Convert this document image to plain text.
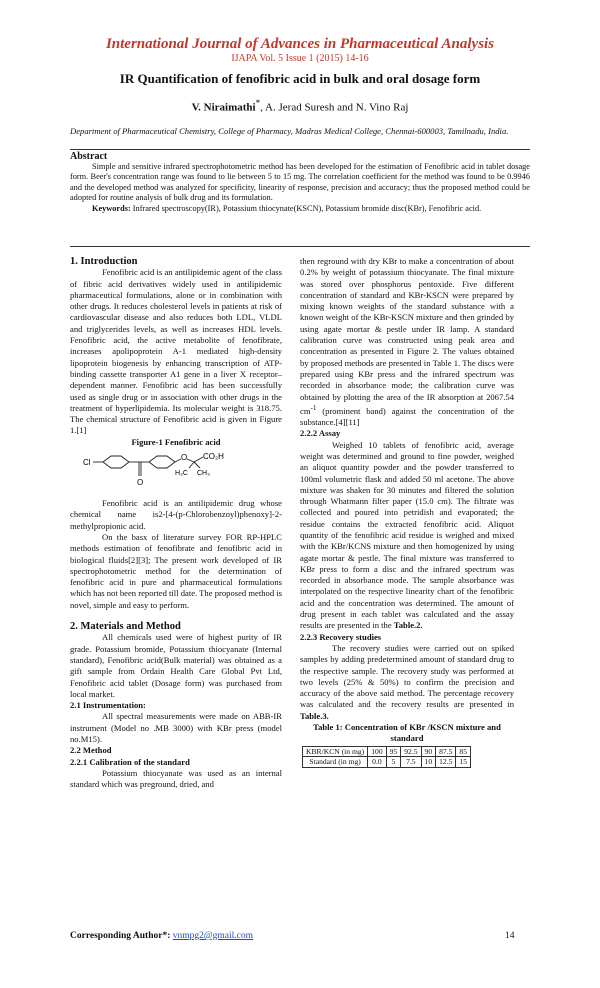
International Journal of Advances in Pharmaceutical Analysis
IJAPA Vol. 5 Issue 1 (2015) 14-16
IR Quantification of fenofibric acid in bulk and oral dosage form
V. Niraimathi*, A. Jerad Suresh and N. Vino Raj
Department of Pharmaceutical Chemistry, College of Pharmacy, Madras Medical College, Chennai-600003, Tamilnadu, India.
Abstract

Simple and sensitive infrared spectrophotometric method has been developed for the estimation of Fenofibric acid in tablet dosage form. Beer's concentration range was found to lie between 5 to 15 mg. The correlation coefficient for the method was found to be 0.9946 and the developed method was analyzed for specificity, linearity of response, precision and accuracy; thus the proposed method could be adopted for routine analysis of bulk drug and its formulation.

Keywords: Infrared spectroscopy(IR), Potassium thiocynate(KSCN), Potassium bromide disc(KBr), Fenofibric acid.

1. Introduction

Fenofibric acid is an antilipidemic agent of the class of fibric acid derivatives widely used in antilipidemic pharmaceutical formulations, alone or in combination with other drugs. It reduces cholesterol levels in patients at risk of cardiovascular disease and also reduces both LDL, VLDL and triglycerides levels, as well as increases HDL levels. Fenofibric acid, the active metabolite of fenofibrate, increases apolipoprotein A-1 mediated high-density lipoprotein biogenesis by enhancing transcription of ATP-binding cassette transporter A1 gene in a liver X receptor–dependent manner. Fenofibric acid has been successfully used as single drug or in association with other drugs in the treatment of hyperlipidemia. Its molecular weight is 318.75. The chemical structure of Fenofibric acid is given in Figure 1.[1]

Figure-1 Fenofibric acid

Cl
O CO₂H
H₃C CH₃
O

Fenofibric acid is an antilipidemic drug whose chemical name is2-[4-(p-Chlorobenzoyl)phenoxy]-2-methylpropionic acid.

On the basx of literature survey FOR RP-HPLC methods estimation of fenofibrate and fenofibric acid in biological fluids[2][3]; The present work developed of IR spectrophotometric method for the determination of fenofibric acid in pure and pharmaceutical formulations which has not been reported till date. The proposed method is novel, simple and easy to perform.

2. Materials and Method

All chemicals used were of highest purity of IR grade. Potassium bromide, Potassium thiocyanate (Internal standard), Fenofibric acid(Bulk material) was obtained as a gift sample from Ordain Health Care Global Pvt Ltd, Fenofibric acid tablet (Dosage form) was purchased from local market.

2.1 Instrumentation:

All spectral measurements were made on ABB-IR instrument (Model no .MB 3000) with KBr press (model no.M15).

2.2 Method

2.2.1 Calibration of the standard

Potassium thiocyanate was used as an internal standard which was preground, dried, and

then reground with dry KBr to make a concentration of about 0.2% by weight of potassium thiocyanate. The final mixture was stored over phosphorus pentoxide. Five different concentration of standard and KBr-KSCN were prepared by mixing known weights of the standard substance with a known weight of the KBr-KSCN mixture and then grinded by using agate mortar & pestle under IR lamp. A standard calibration curve was constructed using peak area and concentration as presented in Figure 2. The values obtained by proposed methods are presented in Table 1. The discs were prepared using KBr press and the infrared spectrum was recorded in absorbance mode; the calibration curve was obtained by plotting the area of the IR absorption at 2067.54 $cm^{-1}$ (prominent band) against the concentration of the substance.[4][11]

2.2.2 Assay

Weighed 10 tablets of fenofibric acid, average weight was determined and ground to fine powder, weighed an aliquot quantity powder and the powder transferred to 100ml volumetric flask and added 50 ml acetone. The above mixture was shaken for 30 minutes and filtered the solution through Whatmann filter paper (15.0 cm). The filtrate was collected and poured into petridish and evaporated; the residue contains the extracted fenofibric acid. Aliquot quantity of the fenofibric acid residue is weighed and mixed with the KBr/KCNS mixture and then homogenized by using agate mortar & pestle. The final mixture was transferred to KBr press to form a disc and the infrared spectrum was recorded in absorbance mode. The sample absorbance was interpolated on the respective linearity chart of the fenofibric acid and the concentration was determined. The amount of drug present in each tablet was calculated and the assay results are presented in the Table.2.

2.2.3 Recovery studies

The recovery studies were carried out on spiked samples by adding predetermined amount of standard drug to the respective sample. The recovery study was performed at two levels (25% & 50%) to confirm the precision and accuracy of the above said method. The percentage recovery was calculated and the recovery results are presented in Table.3.

Table 1: Concentration of KBr /KSCN mixture and standard

KBR/KCN (in mg)	100	95	92.5	90	87.5	85
Standard (in mg)	0.0	5	7.5	10	12.5	15
Corresponding Author*: vnmpg2@gmail.com	14
